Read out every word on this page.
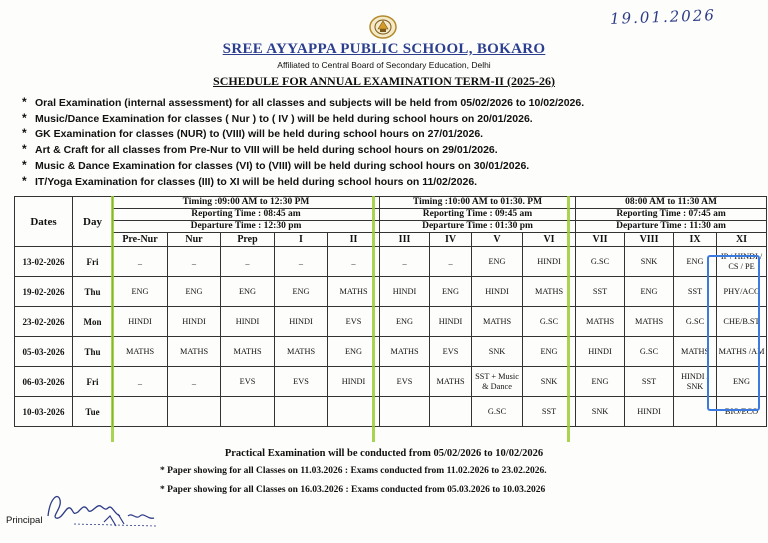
19.01.2026
SREE AYYAPPA PUBLIC SCHOOL, BOKARO
Affiliated to Central Board of Secondary Education, Delhi
SCHEDULE FOR ANNUAL EXAMINATION TERM-II (2025-26)
* Oral Examination (internal assessment) for all classes and subjects will be held from 05/02/2026 to 10/02/2026.
* Music/Dance Examination for classes ( Nur ) to ( IV ) will be held during school hours on 20/01/2026.
* GK Examination for classes (NUR) to (VIII) will be held during school hours on 27/01/2026.
* Art & Craft for all classes from Pre-Nur to VIII will be held during school hours on 29/01/2026.
* Music & Dance Examination for classes (VI) to (VIII) will be held during school hours on 30/01/2026.
* IT/Yoga Examination for classes (III) to XI will be held during school hours on 11/02/2026.
Dates	Day	Timing :09:00 AM to 12:30 PM					Timing :10:00 AM to 01:30. PM				08:00 AM to 11:30 AM			
		Reporting Time : 08:45 am					Reporting Time : 09:45 am				Reporting Time : 07:45 am			
		Departure Time : 12:30 pm					Departure Time : 01:30 pm				Departure Time : 11:30 am			
		Pre-Nur	Nur	Prep	I	II	III	IV	V	VI	VII	VIII	IX	XI
13-02-2026	Fri	_	_	_	_	_	_	_	ENG	HINDI	G.SC	SNK	ENG	IP / HINDI / CS / PE
19-02-2026	Thu	ENG	ENG	ENG	ENG	MATHS	HINDI	ENG	HINDI	MATHS	SST	ENG	SST	PHY/ACC
23-02-2026	Mon	HINDI	HINDI	HINDI	HINDI	EVS	ENG	HINDI	MATHS	G.SC	MATHS	MATHS	G.SC	CHE/B.ST
05-03-2026	Thu	MATHS	MATHS	MATHS	MATHS	ENG	MATHS	EVS	SNK	ENG	HINDI	G.SC	MATHS	MATHS /AM
06-03-2026	Fri	_	_	EVS	EVS	HINDI	EVS	MATHS	SST + Music & Dance	SNK	ENG	SST	HINDI / SNK	ENG
10-03-2026	Tue								G.SC	SST	SNK	HINDI		BIO/ECO
Practical Examination will be conducted from 05/02/2026 to 10/02/2026
* Paper showing for all Classes on 11.03.2026 : Exams conducted from 11.02.2026 to 23.02.2026.
* Paper showing for all Classes on 16.03.2026 : Exams conducted from 05.03.2026 to 10.03.2026
Principal
